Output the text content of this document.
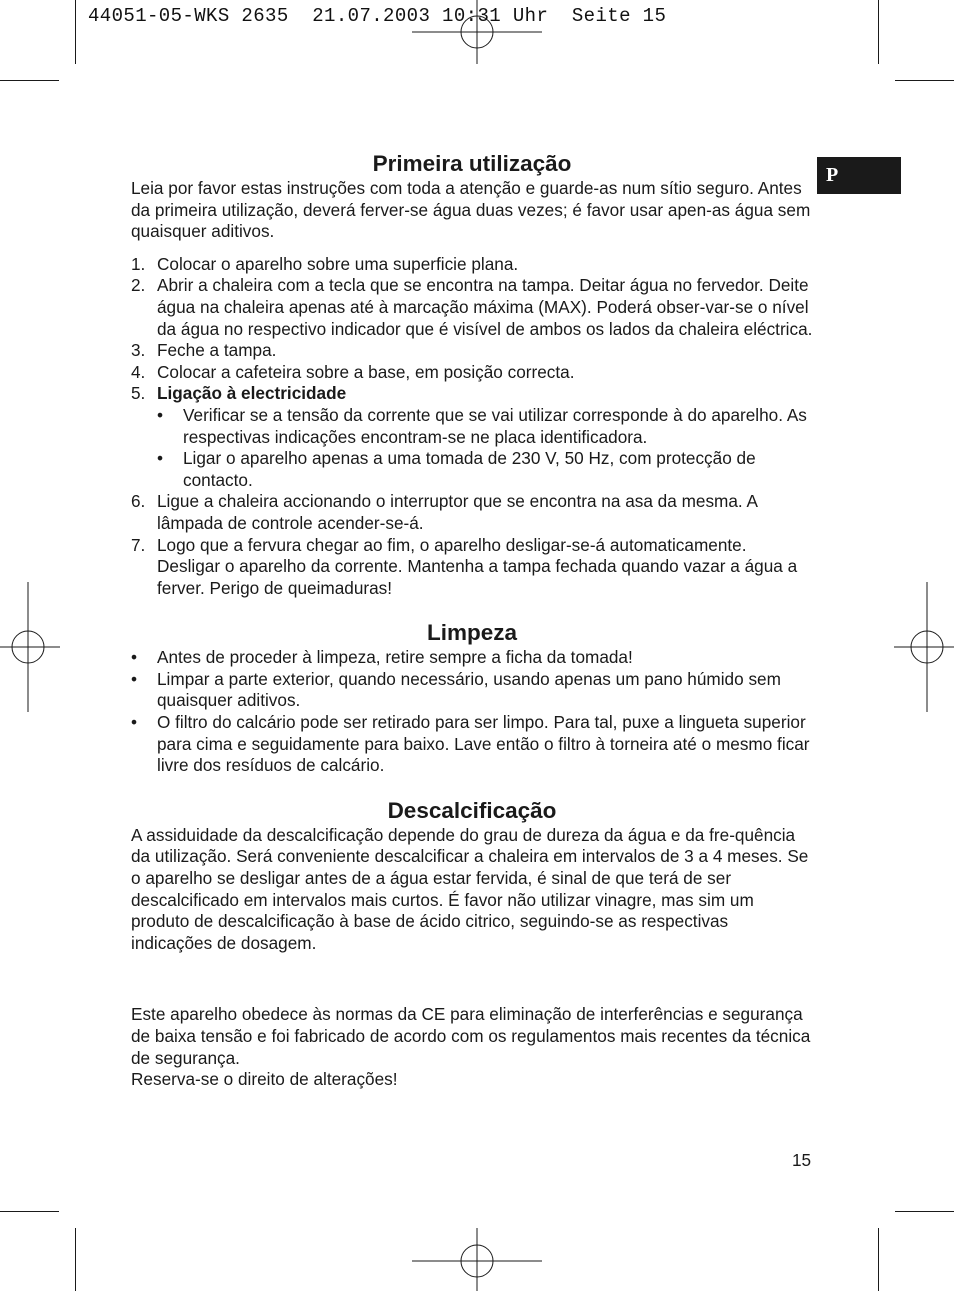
44051-05-WKS 2635  21.07.2003 10:31 Uhr  Seite 15
P
Primeira utilização

Leia por favor estas instruções com toda a atenção e guarde-as num sítio seguro. Antes da primeira utilização, deverá ferver-se água duas vezes; é favor usar apen-as água sem quaisquer aditivos.

1. Colocar o aparelho sobre uma superficie plana.
2. Abrir a chaleira com a tecla que se encontra na tampa. Deitar água no fervedor. Deite água na chaleira apenas até à marcação máxima (MAX). Poderá obser-var-se o nível da água no respectivo indicador que é visível de ambos os lados da chaleira eléctrica.
3. Feche a tampa.
4. Colocar a cafeteira sobre a base, em posição correcta.
5. Ligação à electricidade
• Verificar se a tensão da corrente que se vai utilizar corresponde à do aparelho. As respectivas indicações encontram-se ne placa identificadora.
• Ligar o aparelho apenas a uma tomada de 230 V, 50 Hz, com protecção de contacto.
6. Ligue a chaleira accionando o interruptor que se encontra na asa da mesma. A lâmpada de controle acender-se-á.
7. Logo que a fervura chegar ao fim, o aparelho desligar-se-á automaticamente. Desligar o aparelho da corrente. Mantenha a tampa fechada quando vazar a água a ferver. Perigo de queimaduras!
Limpeza
• Antes de proceder à limpeza, retire sempre a ficha da tomada!
• Limpar a parte exterior, quando necessário, usando apenas um pano húmido sem quaisquer aditivos.
• O filtro do calcário pode ser retirado para ser limpo. Para tal, puxe a lingueta superior para cima e seguidamente para baixo. Lave então o filtro à torneira até o mesmo ficar livre dos resíduos de calcário.
Descalcificação

A assiduidade da descalcificação depende do grau de dureza da água e da fre-quência da utilização. Será conveniente descalcificar a chaleira em intervalos de 3 a 4 meses. Se o aparelho se desligar antes de a água estar fervida, é sinal de que terá de ser descalcificado em intervalos mais curtos. É favor não utilizar vinagre, mas sim um produto de descalcificação à base de ácido citrico, seguindo-se as respectivas indicações de dosagem.

Este aparelho obedece às normas da CE para eliminação de interferências e segurança de baixa tensão e foi fabricado de acordo com os regulamentos mais recentes da técnica de segurança.

Reserva-se o direito de alterações!

15
